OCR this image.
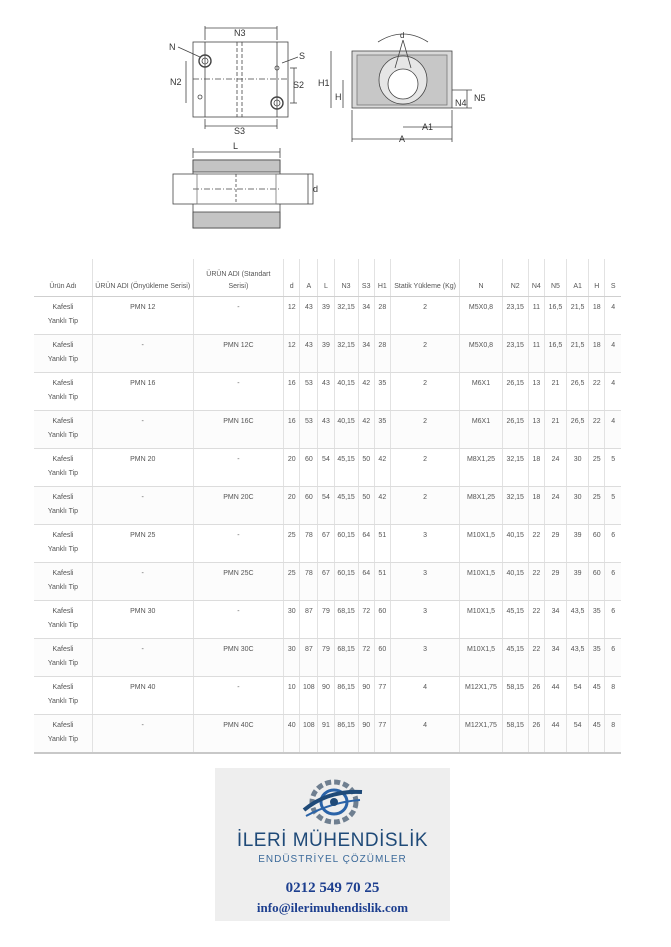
N3
N
S
N2	S2
S3
d
H1
H
N4 N5
A1
A
L
d
Ürün Adı	ÜRÜN ADI (Önyükleme Serisi)	ÜRÜN ADI (Standart Serisi)	d	A	L	N3	S3	H1	Statik Yükleme (Kg)	N	N2	N4	N5	A1	H	S
Kafesli Yanklı Tip	PMN 12	-	12	43	39	32,15	34	28	2	M5X0,8	23,15	11	16,5	21,5	18	4
Kafesli Yanklı Tip	-	PMN 12C	12	43	39	32,15	34	28	2	M5X0,8	23,15	11	16,5	21,5	18	4
Kafesli Yanklı Tip	PMN 16	-	16	53	43	40,15	42	35	2	M6X1	26,15	13	21	26,5	22	4
Kafesli Yanklı Tip	-	PMN 16C	16	53	43	40,15	42	35	2	M6X1	26,15	13	21	26,5	22	4
Kafesli Yanklı Tip	PMN 20	-	20	60	54	45,15	50	42	2	M8X1,25	32,15	18	24	30	25	5
Kafesli Yanklı Tip	-	PMN 20C	20	60	54	45,15	50	42	2	M8X1,25	32,15	18	24	30	25	5
Kafesli Yanklı Tip	PMN 25	-	25	78	67	60,15	64	51	3	M10X1,5	40,15	22	29	39	60	6
Kafesli Yanklı Tip	-	PMN 25C	25	78	67	60,15	64	51	3	M10X1,5	40,15	22	29	39	60	6
Kafesli Yanklı Tip	PMN 30	-	30	87	79	68,15	72	60	3	M10X1,5	45,15	22	34	43,5	35	6
Kafesli Yanklı Tip	-	PMN 30C	30	87	79	68,15	72	60	3	M10X1,5	45,15	22	34	43,5	35	6
Kafesli Yanklı Tip	PMN 40	-	10	108	90	86,15	90	77	4	M12X1,75	58,15	26	44	54	45	8
Kafesli Yanklı Tip	-	PMN 40C	40	108	91	86,15	90	77	4	M12X1,75	58,15	26	44	54	45	8
İLERİ MÜHENDİSLİK
ENDÜSTRİYEL ÇÖZÜMLER
0212 549 70 25
info@ilerimuhendislik.com
